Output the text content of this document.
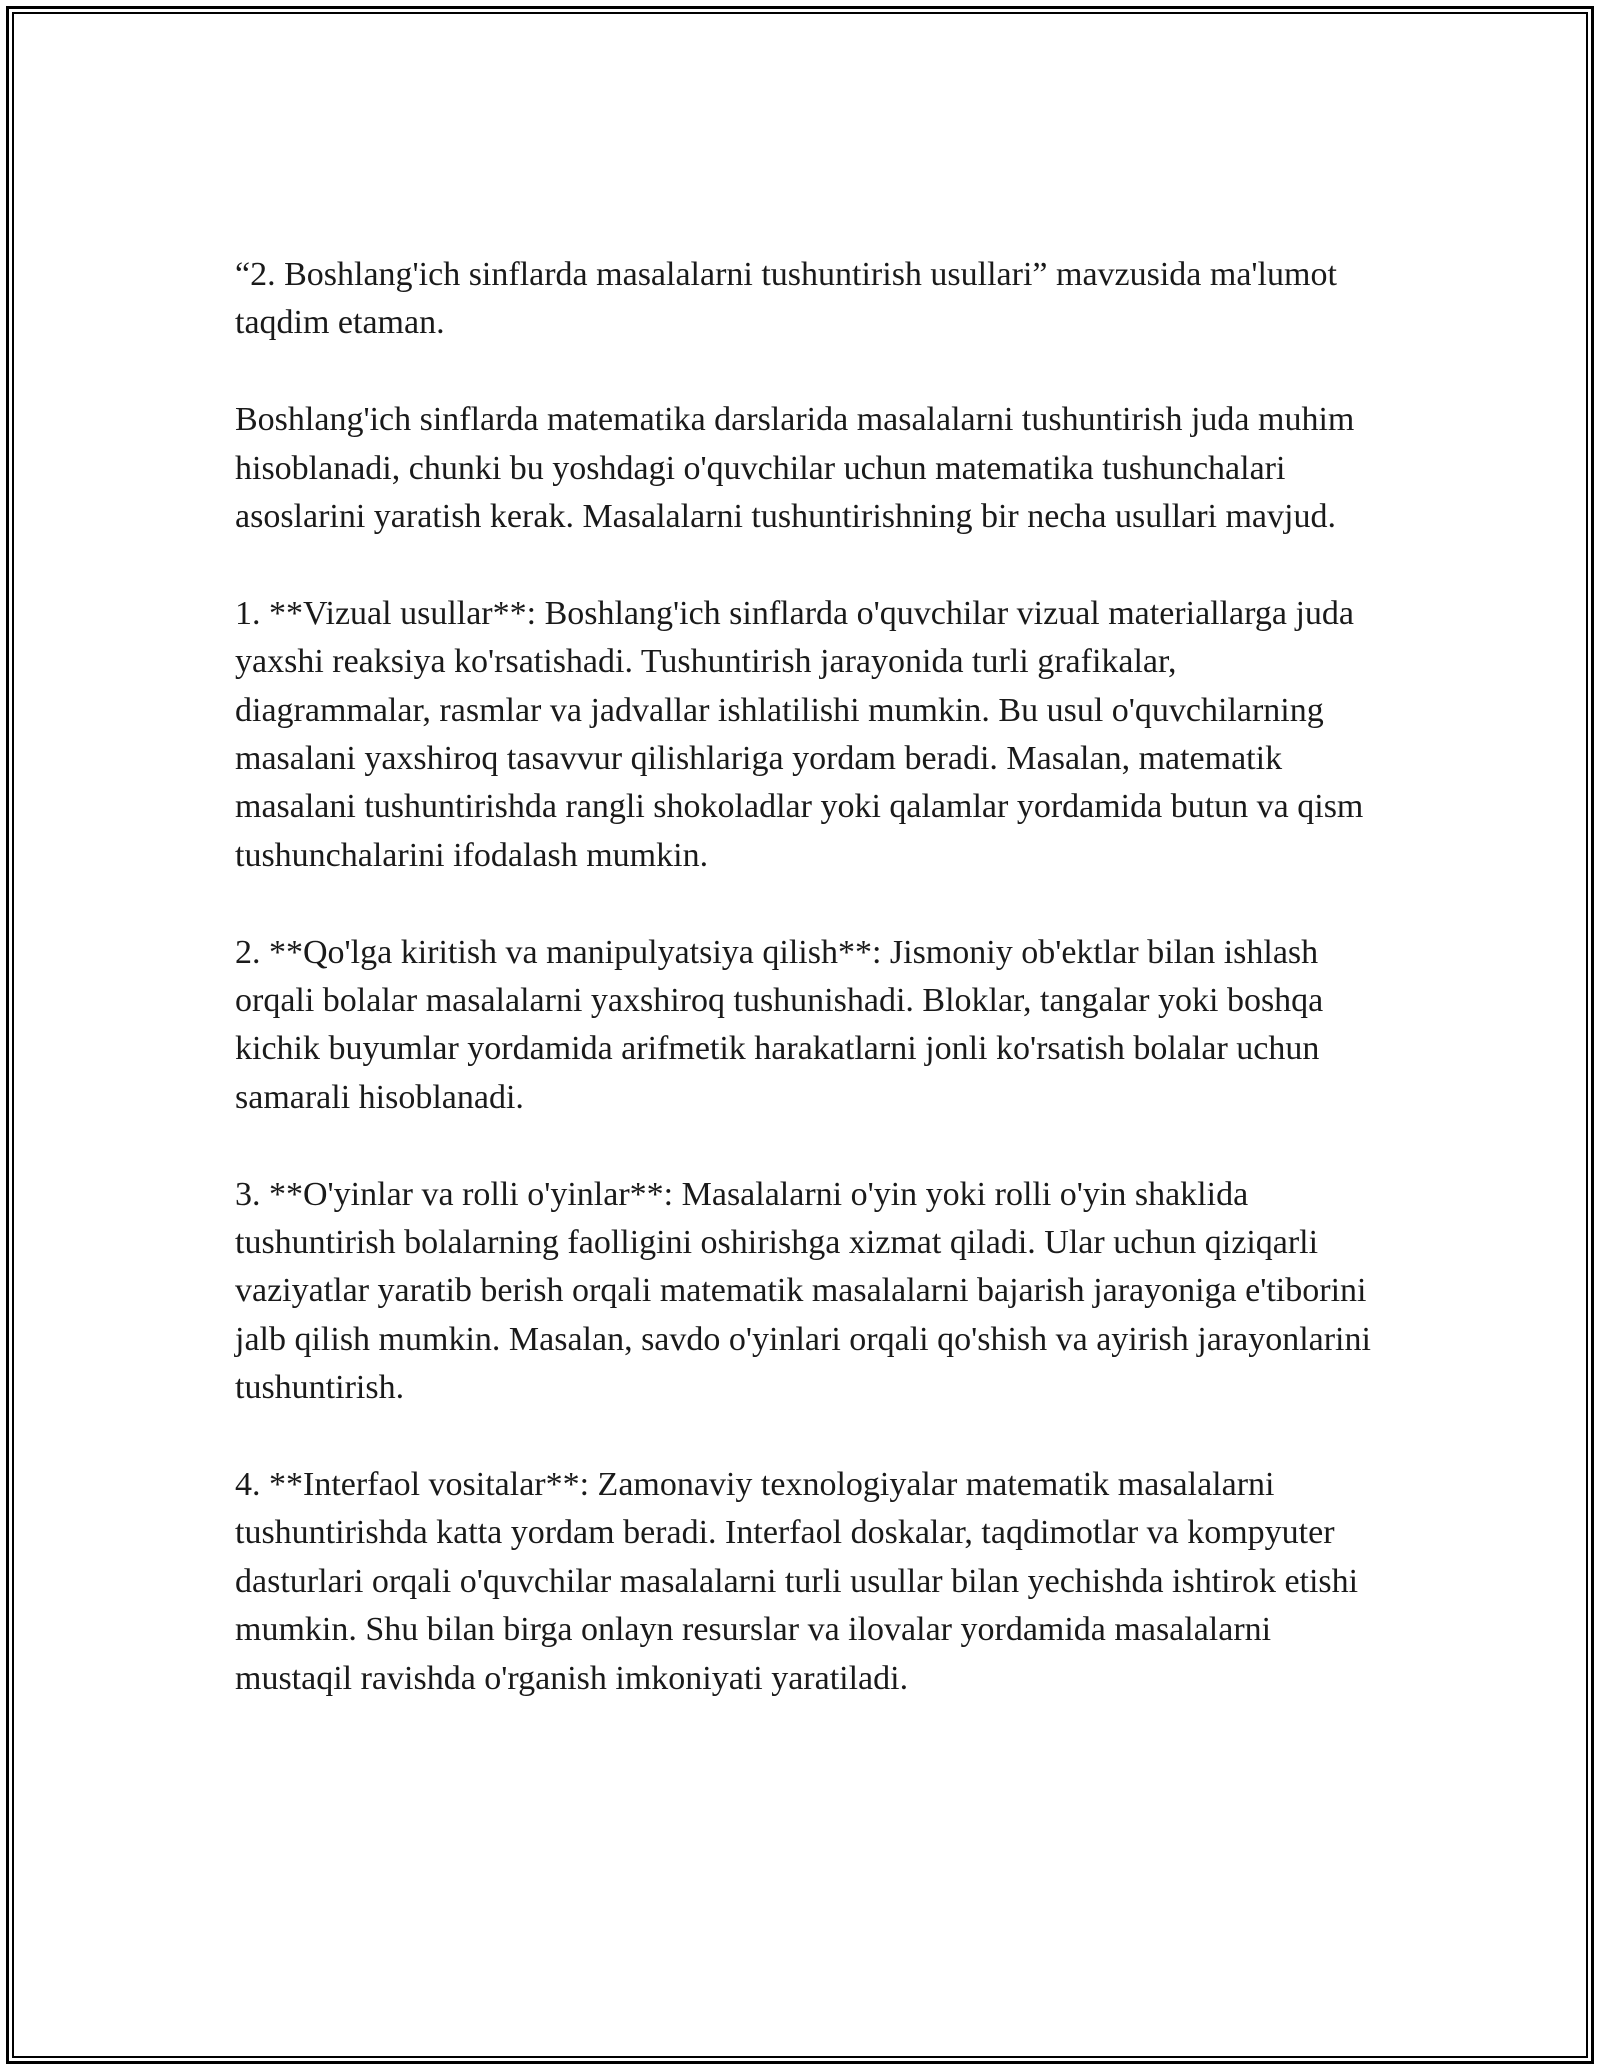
“2. Boshlang'ich sinflarda masalalarni tushuntirish usullari” mavzusida ma'lumot taqdim etaman.

Boshlang'ich sinflarda matematika darslarida masalalarni tushuntirish juda muhim hisoblanadi, chunki bu yoshdagi o'quvchilar uchun matematika tushunchalari asoslarini yaratish kerak. Masalalarni tushuntirishning bir necha usullari mavjud.

1. **Vizual usullar**: Boshlang'ich sinflarda o'quvchilar vizual materiallarga juda yaxshi reaksiya ko'rsatishadi. Tushuntirish jarayonida turli grafikalar, diagrammalar, rasmlar va jadvallar ishlatilishi mumkin. Bu usul o'quvchilarning masalani yaxshiroq tasavvur qilishlariga yordam beradi. Masalan, matematik masalani tushuntirishda rangli shokoladlar yoki qalamlar yordamida butun va qism tushunchalarini ifodalash mumkin.

2. **Qo'lga kiritish va manipulyatsiya qilish**: Jismoniy ob'ektlar bilan ishlash orqali bolalar masalalarni yaxshiroq tushunishadi. Bloklar, tangalar yoki boshqa kichik buyumlar yordamida arifmetik harakatlarni jonli ko'rsatish bolalar uchun samarali hisoblanadi.

3. **O'yinlar va rolli o'yinlar**: Masalalarni o'yin yoki rolli o'yin shaklida tushuntirish bolalarning faolligini oshirishga xizmat qiladi. Ular uchun qiziqarli vaziyatlar yaratib berish orqali matematik masalalarni bajarish jarayoniga e'tiborini jalb qilish mumkin. Masalan, savdo o'yinlari orqali qo'shish va ayirish jarayonlarini tushuntirish.

4. **Interfaol vositalar**: Zamonaviy texnologiyalar matematik masalalarni tushuntirishda katta yordam beradi. Interfaol doskalar, taqdimotlar va kompyuter dasturlari orqali o'quvchilar masalalarni turli usullar bilan yechishda ishtirok etishi mumkin. Shu bilan birga onlayn resurslar va ilovalar yordamida masalalarni mustaqil ravishda o'rganish imkoniyati yaratiladi.
